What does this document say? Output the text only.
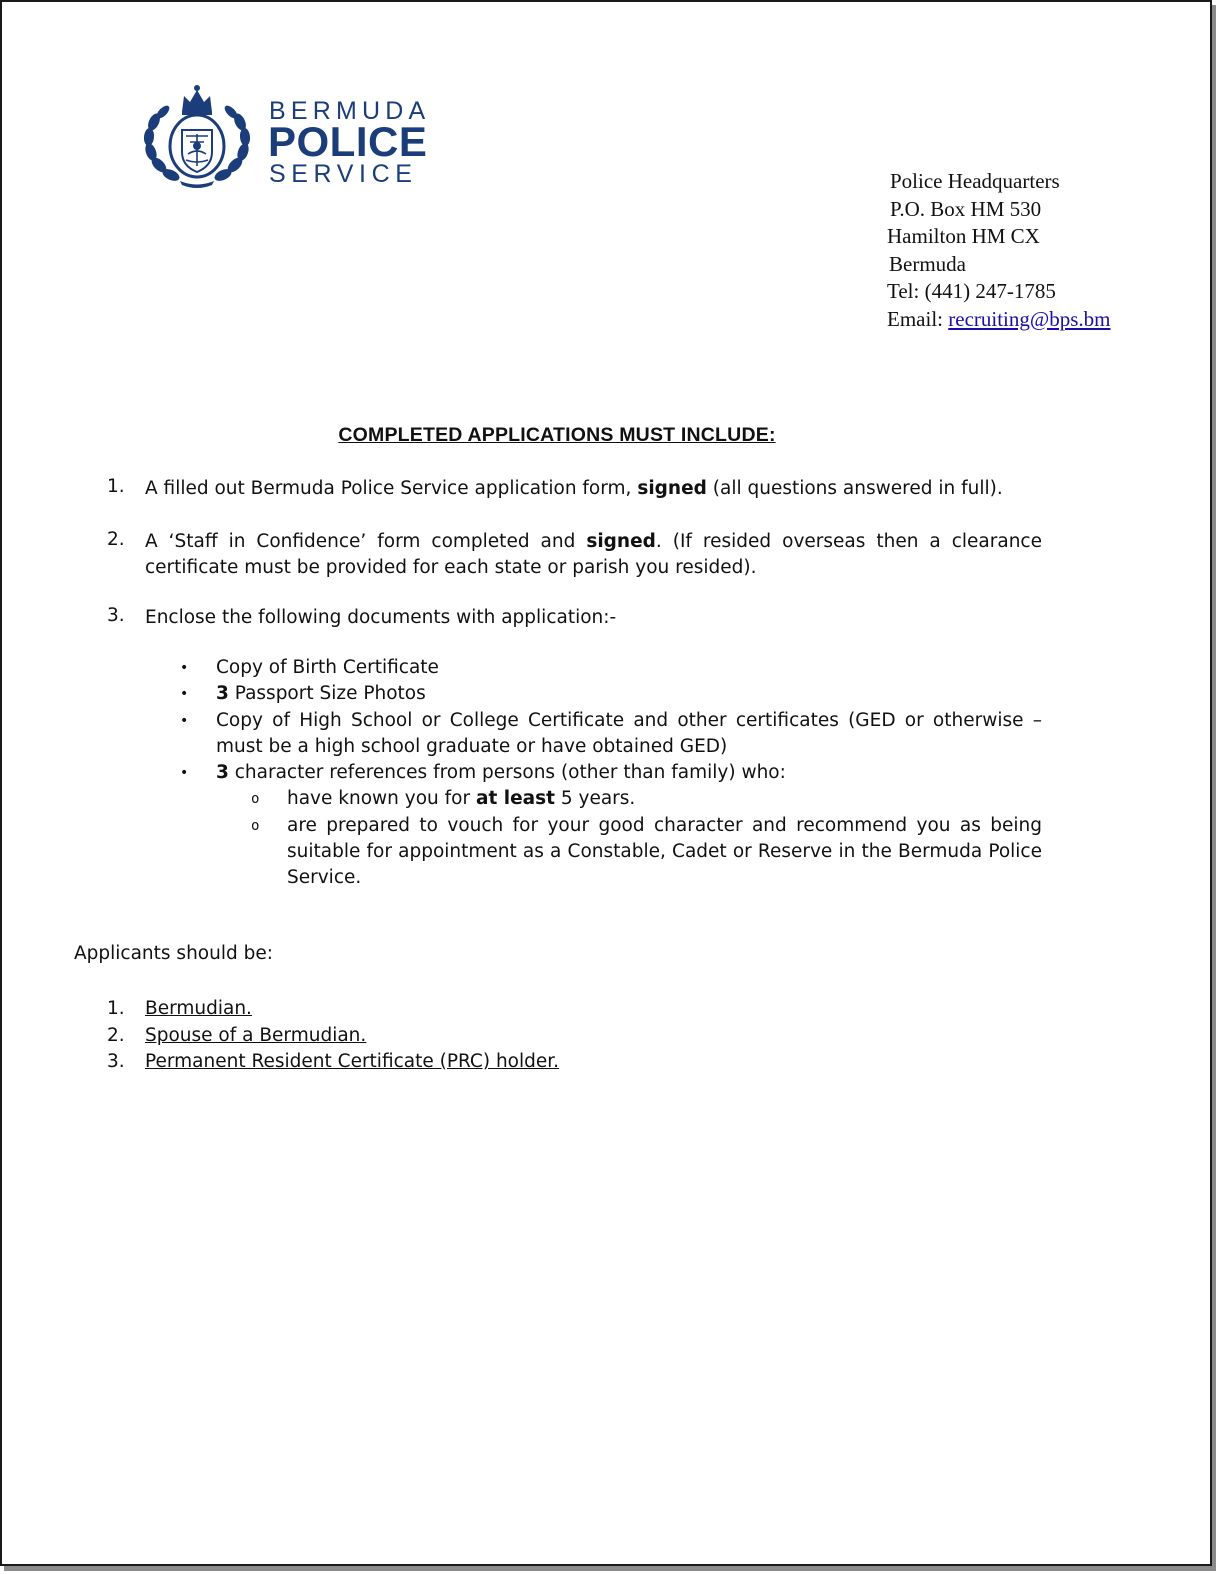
BERMUDA
POLICE
SERVICE	Police Headquarters
P.O. Box HM 530
Hamilton HM CX
Bermuda
Tel: (441) 247-1785
Email: recruiting@bps.bm
COMPLETED APPLICATIONS MUST INCLUDE:
1. A filled out Bermuda Police Service application form, signed (all questions answered in full).
2. A ‘Staff in Confidence’ form completed and signed. (If resided overseas then a clearance certificate must be provided for each state or parish you resided).
3. Enclose the following documents with application:-
• Copy of Birth Certificate
• 3 Passport Size Photos
• Copy of High School or College Certificate and other certificates (GED or otherwise – must be a high school graduate or have obtained GED)
• 3 character references from persons (other than family) who:
o	have known you for at least 5 years.
o	are prepared to vouch for your good character and recommend you as being suitable for appointment as a Constable, Cadet or Reserve in the Bermuda Police Service.
Applicants should be:
1. Bermudian.
2. Spouse of a Bermudian.
3. Permanent Resident Certificate (PRC) holder.
